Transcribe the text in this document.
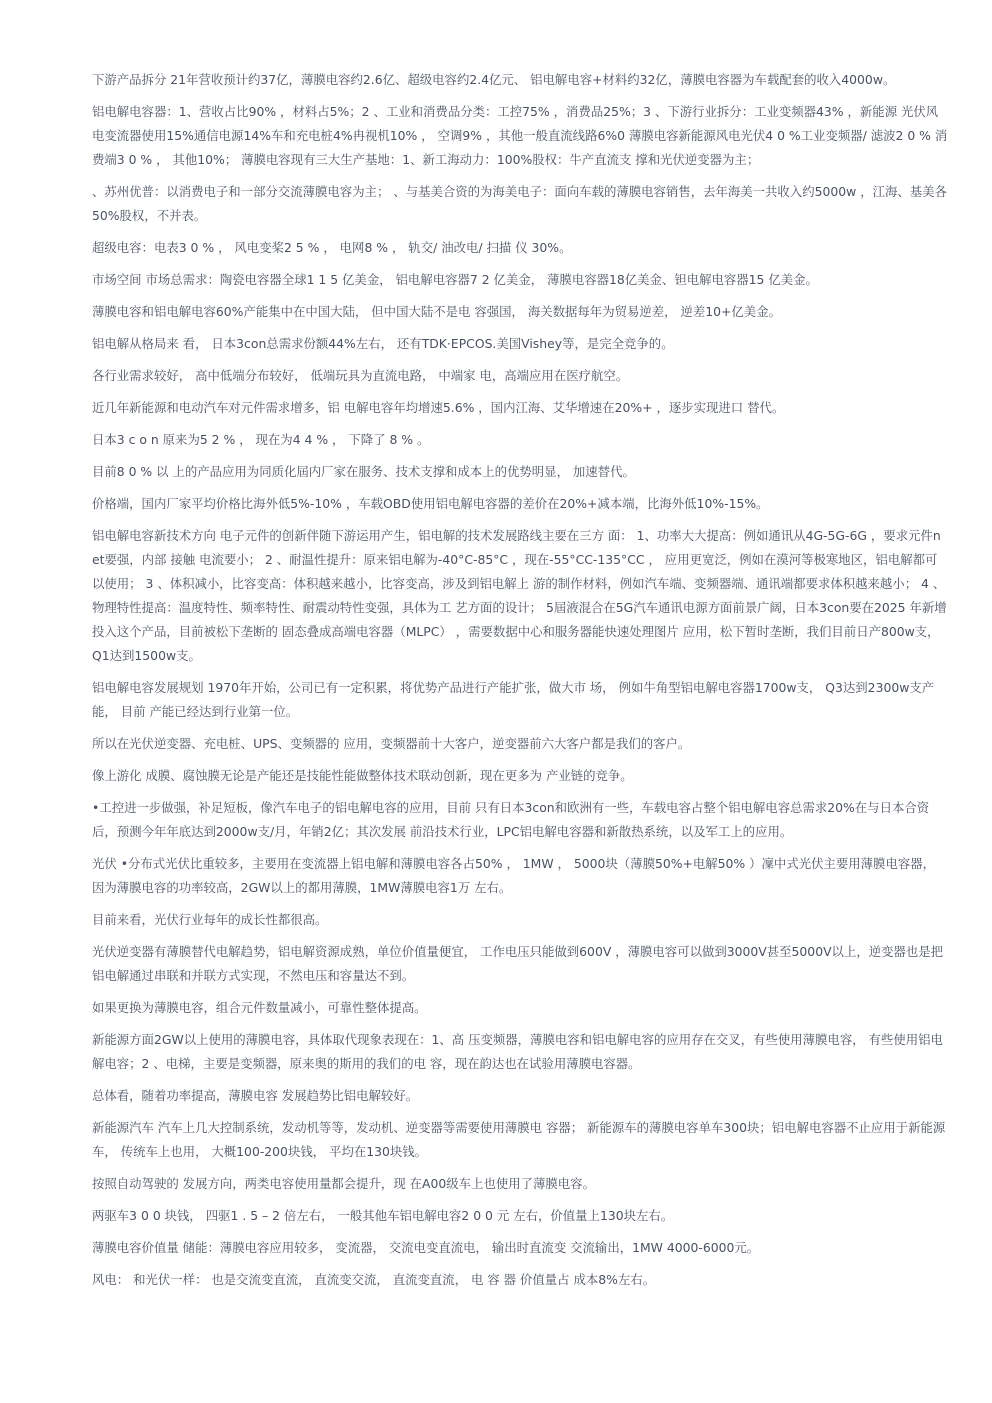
下游产品拆分 21年营收预计约37亿，薄膜电容约2.6亿、超级电容约2.4亿元、 铝电解电容+材料约32亿，薄膜电容器为车载配套的收入4000w。

铝电解电容器：1、营收占比90% ，材料占5%；2 、工业和消费品分类：工控75% ，消费品25%；3 、下游行业拆分：工业变频器43% ，新能源 光伏风电变流器使用15%通信电源14%车和充电桩4%冉视机10% ， 空调9% ，其他一般直流线路6%0 薄膜电容新能源风电光伏4 0 %工业变频器/ 滤波2 0 % 消费端3 0 % ， 其他10%； 薄膜电容现有三大生产基地：1、新工海动力：100%股权：牛产直流支 撑和光伏逆变器为主；

、苏州优普：以消费电子和一部分交流薄膜电容为主； 、与基美合资的为海美电子：面向车载的薄膜电容销售，去年海美一共收入约5000w ，江海、基美各50%股权，不并表。

超级电容：电表3 0 % ， 风电变桨2 5 % ， 电网8 % ， 轨交/ 油改电/ 扫描 仪 30%。

市场空间 市场总需求：陶瓷电容器全球1 1 5 亿美金， 铝电解电容器7 2 亿美金， 薄膜电容器18亿美金、钽电解电容器15 亿美金。

薄膜电容和铝电解电容60%产能集中在中国大陆， 但中国大陆不是电 容强国， 海关数据每年为贸易逆差， 逆差10+亿美金。

铝电解从格局来 看， 日本3con总需求份额44%左右， 还有TDK·EPCOS.美国Vishey等，是完全竞争的。

各行业需求较好， 高中低端分布较好， 低端玩具为直流电路， 中端家 电，高端应用在医疗航空。

近几年新能源和电动汽车对元件需求增多，铝 电解电容年均增速5.6% ，国内江海、艾华增速在20%+ ，逐步实现进口 替代。

日本3 c o n 原来为5 2 % ， 现在为4 4 % ， 下降了 8 % 。

目前8 0 % 以 上的产品应用为同质化屆内厂家在服务、技术支撑和成本上的优势明显， 加速替代。

价格端，国内厂家平均价格比海外低5%-10% ，车载OBD使用铝电解电容器的差价在20%+减本端，比海外低10%-15%。

铝电解电容新技术方向 电子元件的创新伴随下游运用产生，铝电解的技术发展路线主要在三方 面： 1、功率大大提高：例如通讯从4G-5G-6G ，要求元件net要强，内部 接触 电流要小； 2 、耐温性提升：原来铝电解为-40°C-85°C ，现在-55°CC-135°CC ， 应用更宽泛，例如在漠河等极寒地区，铝电解都可以使用； 3 、体积减小，比容变高：体积越来越小，比容变高，涉及到铝电解上 游的制作材料，例如汽车端、变频器端、通讯端都要求体积越来越小； 4 、物理特性提高：温度特性、频率特性、耐震动特性变强，具体为工 艺方面的设计； 5屆液混合在5G汽车通讯电源方面前景广阔，日本3con要在2025 年新增投入这个产品，目前被松下垄断的 固态叠成高端电容器（MLPC） ，需要数据中心和服务器能快速处理图片 应用，松下暂时垄断，我们目前日产800w支，Q1达到1500w支。

铝电解电容发展规划 1970年开始，公司已有一定积累，将优势产品进行产能扩张，做大市 场， 例如牛角型铝电解电容器1700w支， Q3达到2300w支产能， 目前 产能已经达到行业第一位。

所以在光伏逆变器、充电桩、UPS、变频器的 应用，变频器前十大客户，逆变器前六大客户都是我们的客户。

像上游化 成膜、腐蚀膜无论是产能还是技能性能做整体技术联动创新，现在更多为 产业链的竞争。

•工控进一步做强，补足短板，像汽车电子的铝电解电容的应用，目前 只有日本3con和欧洲有一些，车载电容占整个铝电解电容总需求20%在与日本合资后，预测今年年底达到2000w支/月，年销2亿；其次发展 前沿技术行业，LPC铝电解电容器和新散热系统，以及军工上的应用。

光伏 •分布式光伏比重较多，主要用在变流器上铝电解和薄膜电容各占50% ， 1MW ， 5000块（薄膜50%+电解50% ）凜中式光伏主要用薄膜电容器， 因为薄膜电容的功率较高，2GW以上的都用薄膜，1MW薄膜电容1万 左右。

目前来看，光伏行业每年的成长性都很高。

光伏逆变器有薄膜替代电解趋势，铝电解资源成熟，单位价值量便宜， 工作电压只能做到600V ，薄膜电容可以做到3000V甚至5000V以上，逆变器也是把铝电解通过串联和并联方式实现，不然电压和容量达不到。

如果更换为薄膜电容，组合元件数量减小，可靠性整体提高。

新能源方面2GW以上使用的薄膜电容，具体取代现象表现在：1、高 压变频器，薄膜电容和铝电解电容的应用存在交叉，有些使用薄膜电容， 有些使用铝电解电容；2 、电梯，主要是变频器，原来奥的斯用的我们的电 容，现在韵达也在试验用薄膜电容器。

总体看，随着功率提高，薄膜电容 发展趋势比铝电解较好。

新能源汽车 汽车上几大控制系统，发动机等等，发动机、逆变器等需要使用薄膜电 容器； 新能源车的薄膜电容单车300块；铝电解电容器不止应用于新能源车， 传统车上也用， 大概100-200块钱， 平均在130块钱。

按照自动驾驶的 发展方向，两类电容使用量都会提升，现 在A00级车上也使用了薄膜电容。

两驱车3 0 0 块钱， 四驱1 . 5 – 2 倍左右， 一般其他车铝电解电容2 0 0 元 左右，价值量上130块左右。

薄膜电容价值量 储能：薄膜电容应用较多， 变流器， 交流电变直流电， 输出时直流变 交流输出，1MW 4000-6000元。

风电： 和光伏一样： 也是交流变直流， 直流变交流， 直流变直流， 电 容 器 价值量占 成本8%左右。
